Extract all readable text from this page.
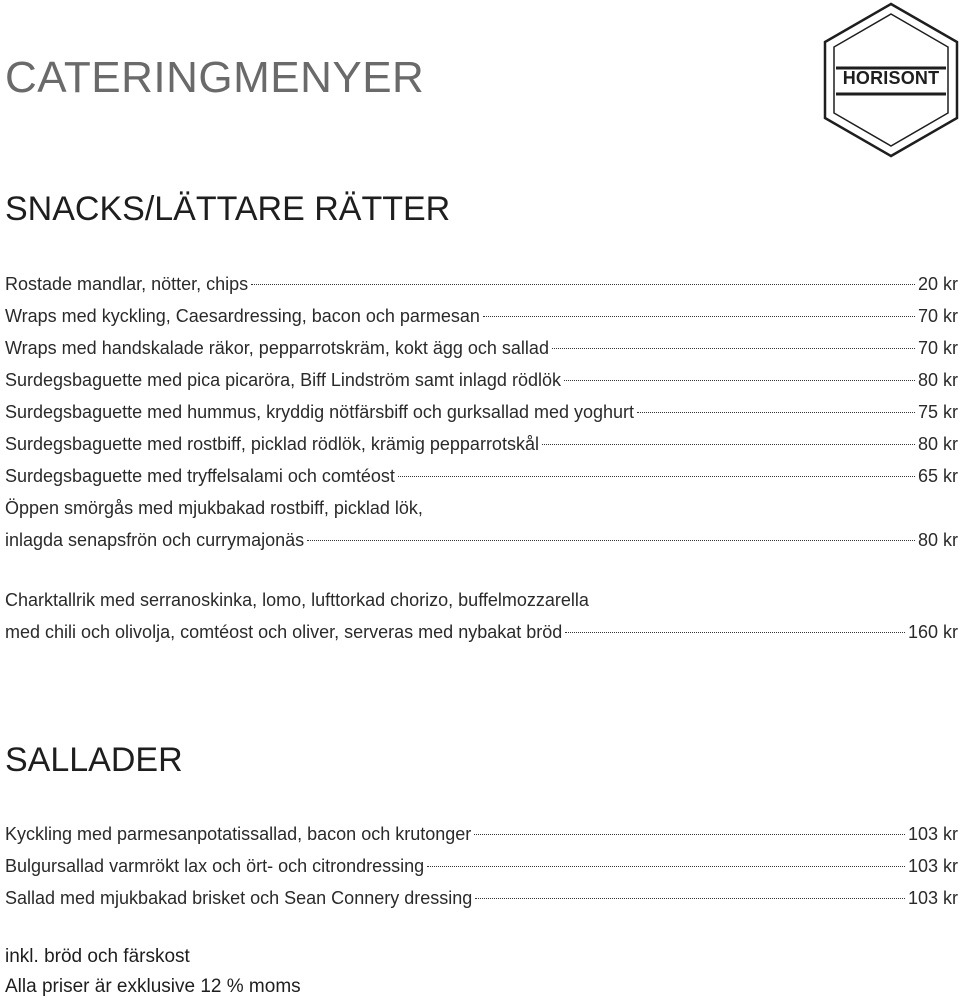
CATERINGMENYER	HORISONT
SNACKS/LÄTTARE RÄTTER
Rostade mandlar, nötter, chips	20 kr
Wraps med kyckling, Caesardressing, bacon och parmesan	70 kr
Wraps med handskalade räkor, pepparrotskräm, kokt ägg och sallad	70 kr
Surdegsbaguette med pica picaröra, Biff Lindström samt inlagd rödlök	80 kr
Surdegsbaguette med hummus, kryddig nötfärsbiff och gurksallad med yoghurt	75 kr
Surdegsbaguette med rostbiff, picklad rödlök, krämig pepparrotskål	80 kr
Surdegsbaguette med tryffelsalami och comtéost	65 kr
Öppen smörgås med mjukbakad rostbiff, picklad lök,
inlagda senapsfrön och currymajonäs	80 kr
Charktallrik med serranoskinka, lomo, lufttorkad chorizo, buffelmozzarella
med chili och olivolja, comtéost och oliver, serveras med nybakat bröd	160 kr
SALLADER
Kyckling med parmesanpotatissallad, bacon och krutonger	103 kr
Bulgursallad varmrökt lax och ört- och citrondressing	103 kr
Sallad med mjukbakad brisket och Sean Connery dressing	103 kr
inkl. bröd och färskost
Alla priser är exklusive 12 % moms
